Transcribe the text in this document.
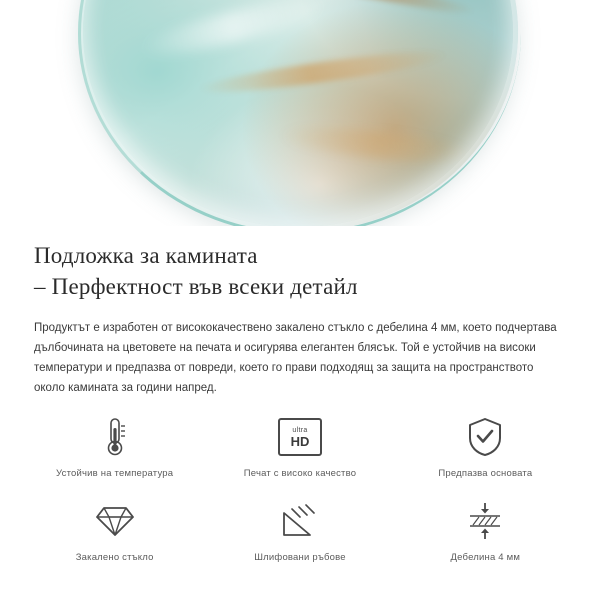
Подложка за камината
– Перфектност във всеки детайл

Продуктът е изработен от висококачествено закалено стъкло с дебелина 4 мм, което подчертава дълбочината на цветовете на печата и осигурява елегантен блясък. Той е устойчив на високи температури и предпазва от повреди, което го прави подходящ за защита на пространството около камината за години напред.

Устойчив на температура
ultra
HD
Печат с високо качество	Предпазва основата
Закалено стъкло	Шлифовани ръбове	Дебелина 4 мм
